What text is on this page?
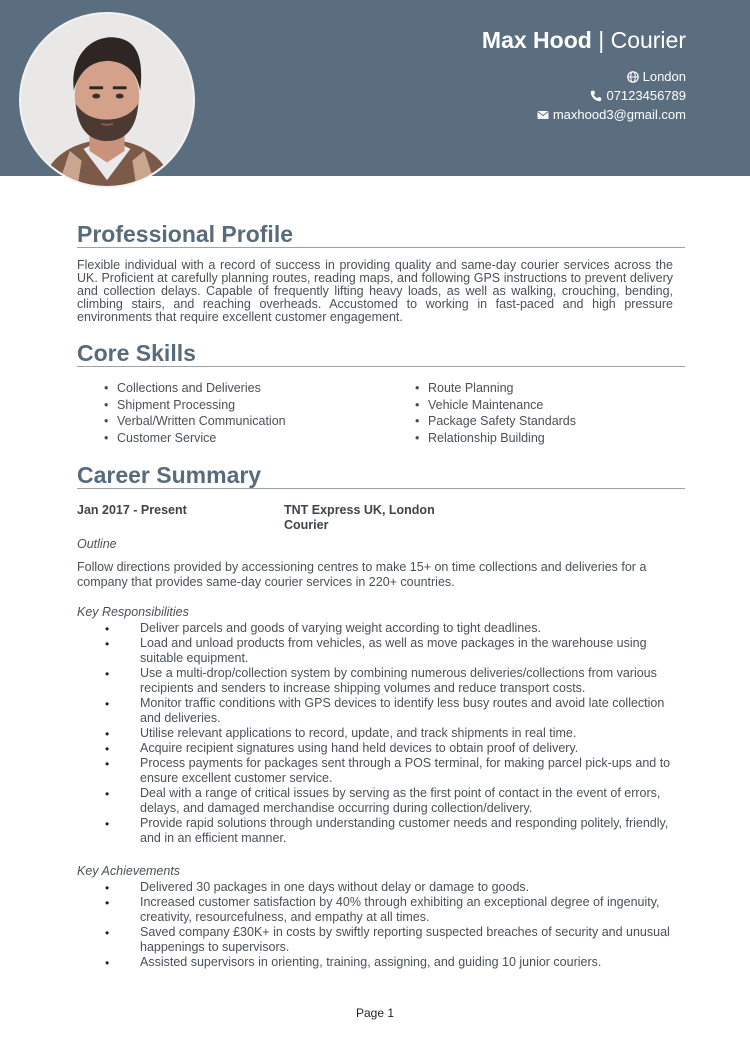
Max Hood | Courier
London
07123456789
maxhood3@gmail.com
Professional Profile

Flexible individual with a record of success in providing quality and same-day courier services across the UK. Proficient at carefully planning routes, reading maps, and following GPS instructions to prevent delivery and collection delays. Capable of frequently lifting heavy loads, as well as walking, crouching, bending, climbing stairs, and reaching overheads. Accustomed to working in fast-paced and high pressure environments that require excellent customer engagement.

Core Skills
• Collections and Deliveries	• Route Planning
• Shipment Processing	• Vehicle Maintenance
• Verbal/Written Communication	• Package Safety Standards
• Customer Service	• Relationship Building
Career Summary
Jan 2017 - Present	TNT Express UK, London
Courier
Outline

Follow directions provided by accessioning centres to make 15+ on time collections and deliveries for a company that provides same-day courier services in 220+ countries.

Key Responsibilities
• Deliver parcels and goods of varying weight according to tight deadlines.
• Load and unload products from vehicles, as well as move packages in the warehouse using suitable equipment.
• Use a multi-drop/collection system by combining numerous deliveries/collections from various recipients and senders to increase shipping volumes and reduce transport costs.
• Monitor traffic conditions with GPS devices to identify less busy routes and avoid late collection and deliveries.
• Utilise relevant applications to record, update, and track shipments in real time.
• Acquire recipient signatures using hand held devices to obtain proof of delivery.
• Process payments for packages sent through a POS terminal, for making parcel pick-ups and to ensure excellent customer service.
• Deal with a range of critical issues by serving as the first point of contact in the event of errors, delays, and damaged merchandise occurring during collection/delivery.
• Provide rapid solutions through understanding customer needs and responding politely, friendly, and in an efficient manner.
Key Achievements
• Delivered 30 packages in one days without delay or damage to goods.
• Increased customer satisfaction by 40% through exhibiting an exceptional degree of ingenuity, creativity, resourcefulness, and empathy at all times.
• Saved company £30K+ in costs by swiftly reporting suspected breaches of security and unusual happenings to supervisors.
• Assisted supervisors in orienting, training, assigning, and guiding 10 junior couriers.
Page 1
